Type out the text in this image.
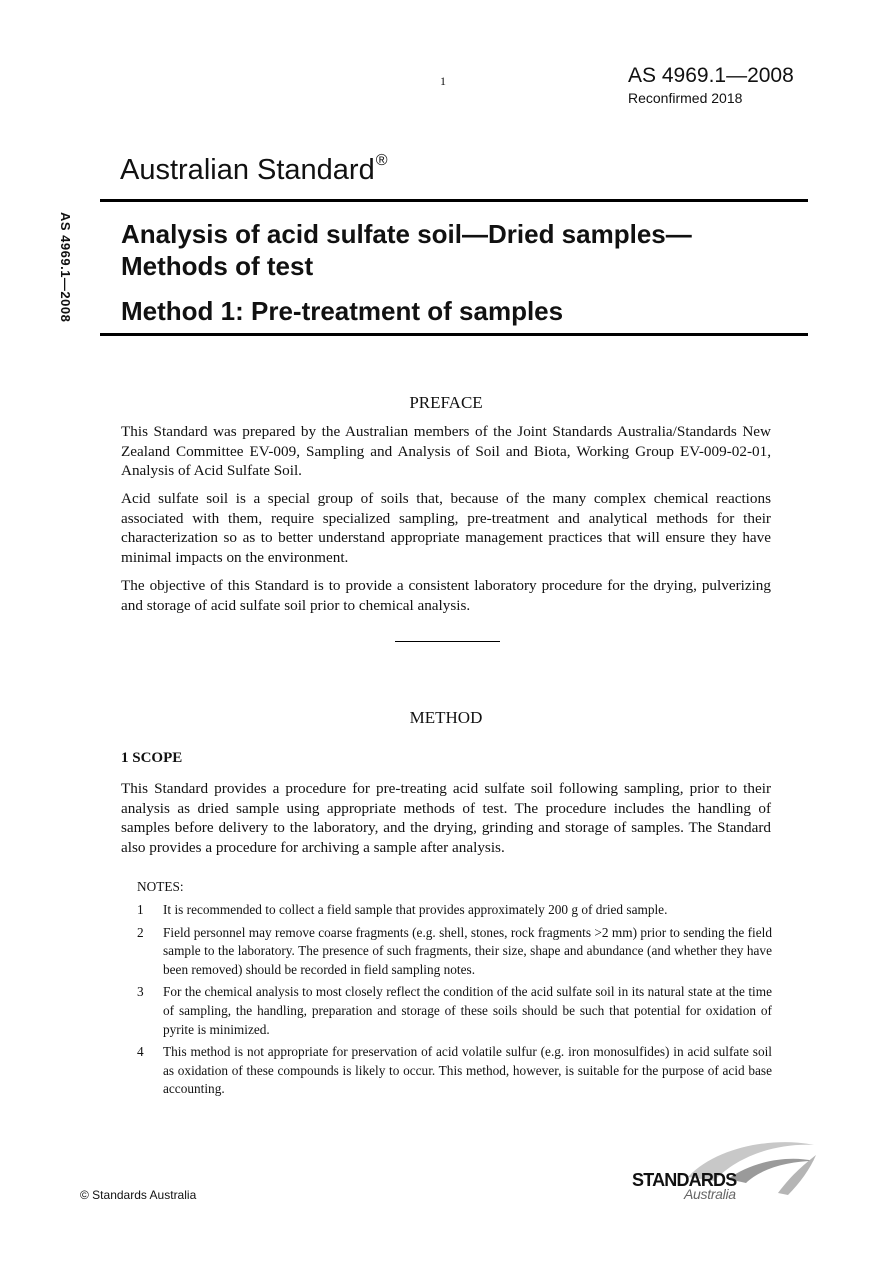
1	AS 4969.1—2008
Reconfirmed 2018
Australian Standard®
AS 4969.1—2008 Analysis of acid sulfate soil—Dried samples—Methods of test
Method 1: Pre-treatment of samples
PREFACE
This Standard was prepared by the Australian members of the Joint Standards Australia/Standards New Zealand Committee EV-009, Sampling and Analysis of Soil and Biota, Working Group EV-009-02-01, Analysis of Acid Sulfate Soil.
Acid sulfate soil is a special group of soils that, because of the many complex chemical reactions associated with them, require specialized sampling, pre-treatment and analytical methods for their characterization so as to better understand appropriate management practices that will ensure they have minimal impacts on the environment.
The objective of this Standard is to provide a consistent laboratory procedure for the drying, pulverizing and storage of acid sulfate soil prior to chemical analysis.
METHOD
1 SCOPE
This Standard provides a procedure for pre-treating acid sulfate soil following sampling, prior to their analysis as dried sample using appropriate methods of test. The procedure includes the handling of samples before delivery to the laboratory, and the drying, grinding and storage of samples. The Standard also provides a procedure for archiving a sample after analysis.
NOTES:
1	It is recommended to collect a field sample that provides approximately 200 g of dried sample.
2	Field personnel may remove coarse fragments (e.g. shell, stones, rock fragments >2 mm) prior to sending the field sample to the laboratory. The presence of such fragments, their size, shape and abundance (and whether they have been removed) should be recorded in field sampling notes.
3	For the chemical analysis to most closely reflect the condition of the acid sulfate soil in its natural state at the time of sampling, the handling, preparation and storage of these soils should be such that potential for oxidation of pyrite is minimized.
4	This method is not appropriate for preservation of acid volatile sulfur (e.g. iron monosulfides) in acid sulfate soil as oxidation of these compounds is likely to occur. This method, however, is suitable for the purpose of acid base accounting.
© Standards Australia
STANDARDS
Australia
